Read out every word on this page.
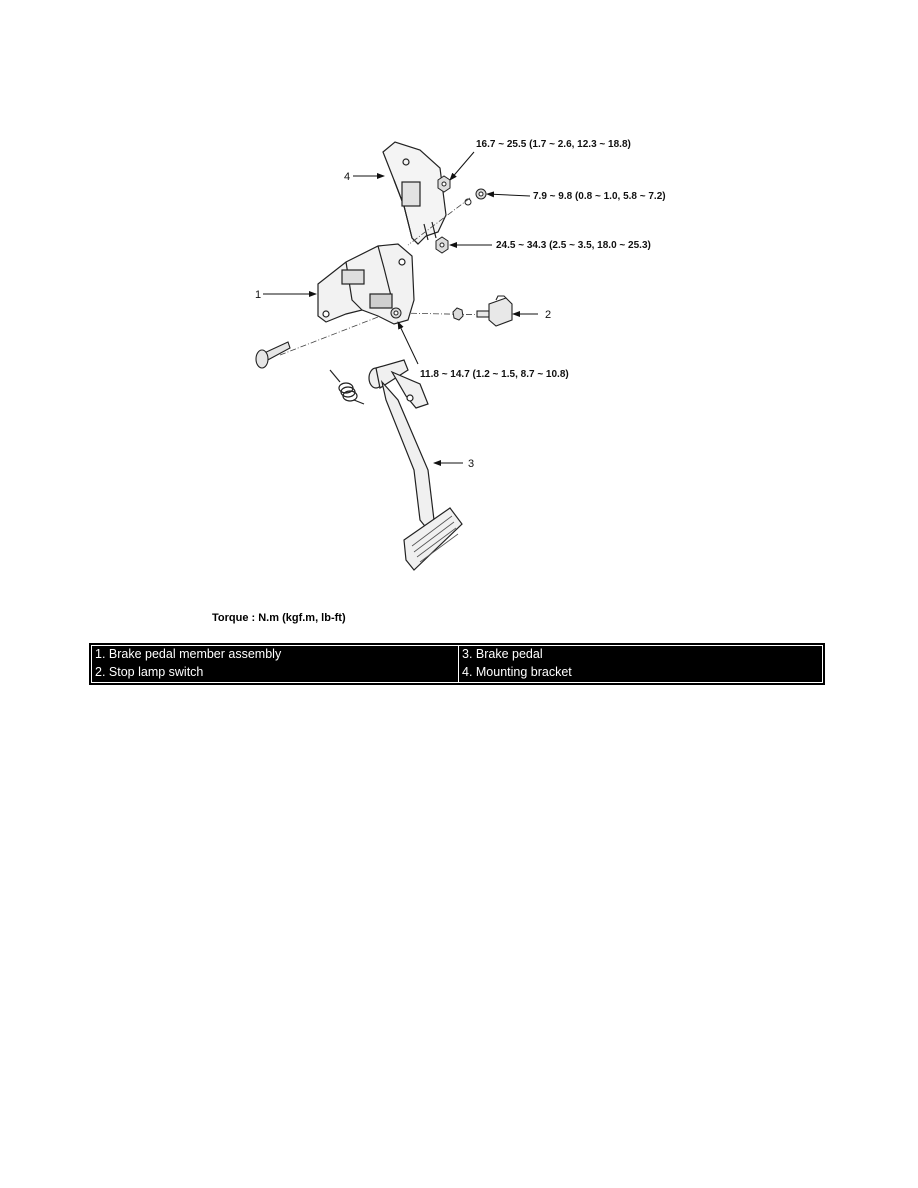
16.7 ~ 25.5 (1.7 ~ 2.6, 12.3 ~ 18.8)
7.9 ~ 9.8 (0.8 ~ 1.0, 5.8 ~ 7.2)
24.5 ~ 34.3 (2.5 ~ 3.5, 18.0 ~ 25.3)
11.8 ~ 14.7 (1.2 ~ 1.5, 8.7 ~ 10.8)
4
1
2
3
Torque : N.m (kgf.m, lb-ft)
1. Brake pedal member assembly	3. Brake pedal
2. Stop lamp switch	4. Mounting bracket
